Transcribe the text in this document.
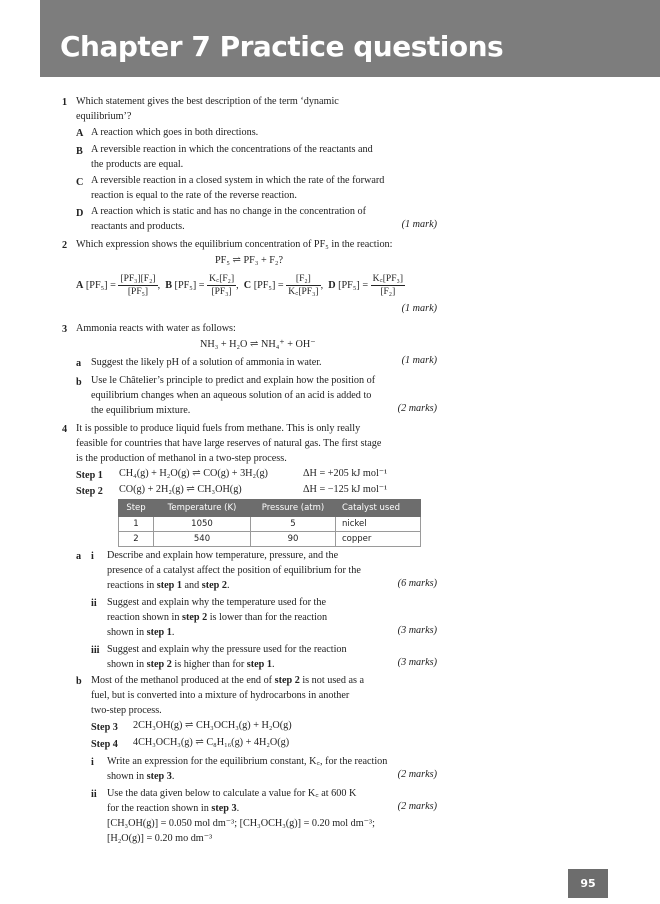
Chapter 7 Practice questions
1 Which statement gives the best description of the term ‘dynamic
equilibrium’?
A A reaction which goes in both directions.
B A reversible reaction in which the concentrations of the reactants and
the products are equal.
C A reversible reaction in a closed system in which the rate of the forward
reaction is equal to the rate of the reverse reaction.
D A reaction which is static and has no change in the concentration of
reactants and products.	(1 mark)
2 Which expression shows the equilibrium concentration of PF₅ in the reaction:
PF₅ ⇌ PF₃ + F₂?
A $[PF_5] = \frac{\text{[PF₃][F₂]}}{\text{[PF₅]}}$ ,  B $[PF_5] = \frac{\text{K꜀[F₂]}}{\text{[PF₃]}}$ ,  C $[PF_5] = \frac{\text{[F₂]}}{\text{K꜀[PF₃]}}$ ,  D $[PF_5] = \frac{\text{K꜀[PF₃]}}{\text{[F₂]}}$
(1 mark)
3 Ammonia reacts with water as follows:
NH₃ + H₂O ⇌ NH₄⁺ + OH⁻
a Suggest the likely pH of a solution of ammonia in water.	(1 mark)
b Use le Châtelier’s principle to predict and explain how the position of
equilibrium changes when an aqueous solution of an acid is added to
the equilibrium mixture.	(2 marks)
4 It is possible to produce liquid fuels from methane. This is only really
feasible for countries that have large reserves of natural gas. The first stage
is the production of methanol in a two-step process.
Step 1 CH₄(g) + H₂O(g) ⇌ CO(g) + 3H₂(g)	ΔH = +205 kJ mol⁻¹
Step 2 CO(g) + 2H₂(g) ⇌ CH₃OH(g)	ΔH = −125 kJ mol⁻¹
Step	Temperature (K)	Pressure (atm)	Catalyst used
1	1050	5	nickel
2	540	90	copper
a i Describe and explain how temperature, pressure, and the
presence of a catalyst affect the position of equilibrium for the
reactions in step 1 and step 2.	(6 marks)
ii Suggest and explain why the temperature used for the
reaction shown in step 2 is lower than for the reaction
shown in step 1.	(3 marks)
iii Suggest and explain why the pressure used for the reaction
shown in step 2 is higher than for step 1.	(3 marks)
b Most of the methanol produced at the end of step 2 is not used as a
fuel, but is converted into a mixture of hydrocarbons in another
two-step process.
Step 3 2CH₃OH(g) ⇌ CH₃OCH₃(g) + H₂O(g)
Step 4 4CH₃OCH₃(g) ⇌ C₈H₁₆(g) + 4H₂O(g)
i Write an expression for the equilibrium constant, K꜀, for the reaction
shown in step 3.	(2 marks)
ii Use the data given below to calculate a value for K꜀ at 600 K
for the reaction shown in step 3.	(2 marks)
[CH₃OH(g)] = 0.050 mol dm⁻³; [CH₃OCH₃(g)] = 0.20 mol dm⁻³;
[H₂O(g)] = 0.20 mo dm⁻³
95
